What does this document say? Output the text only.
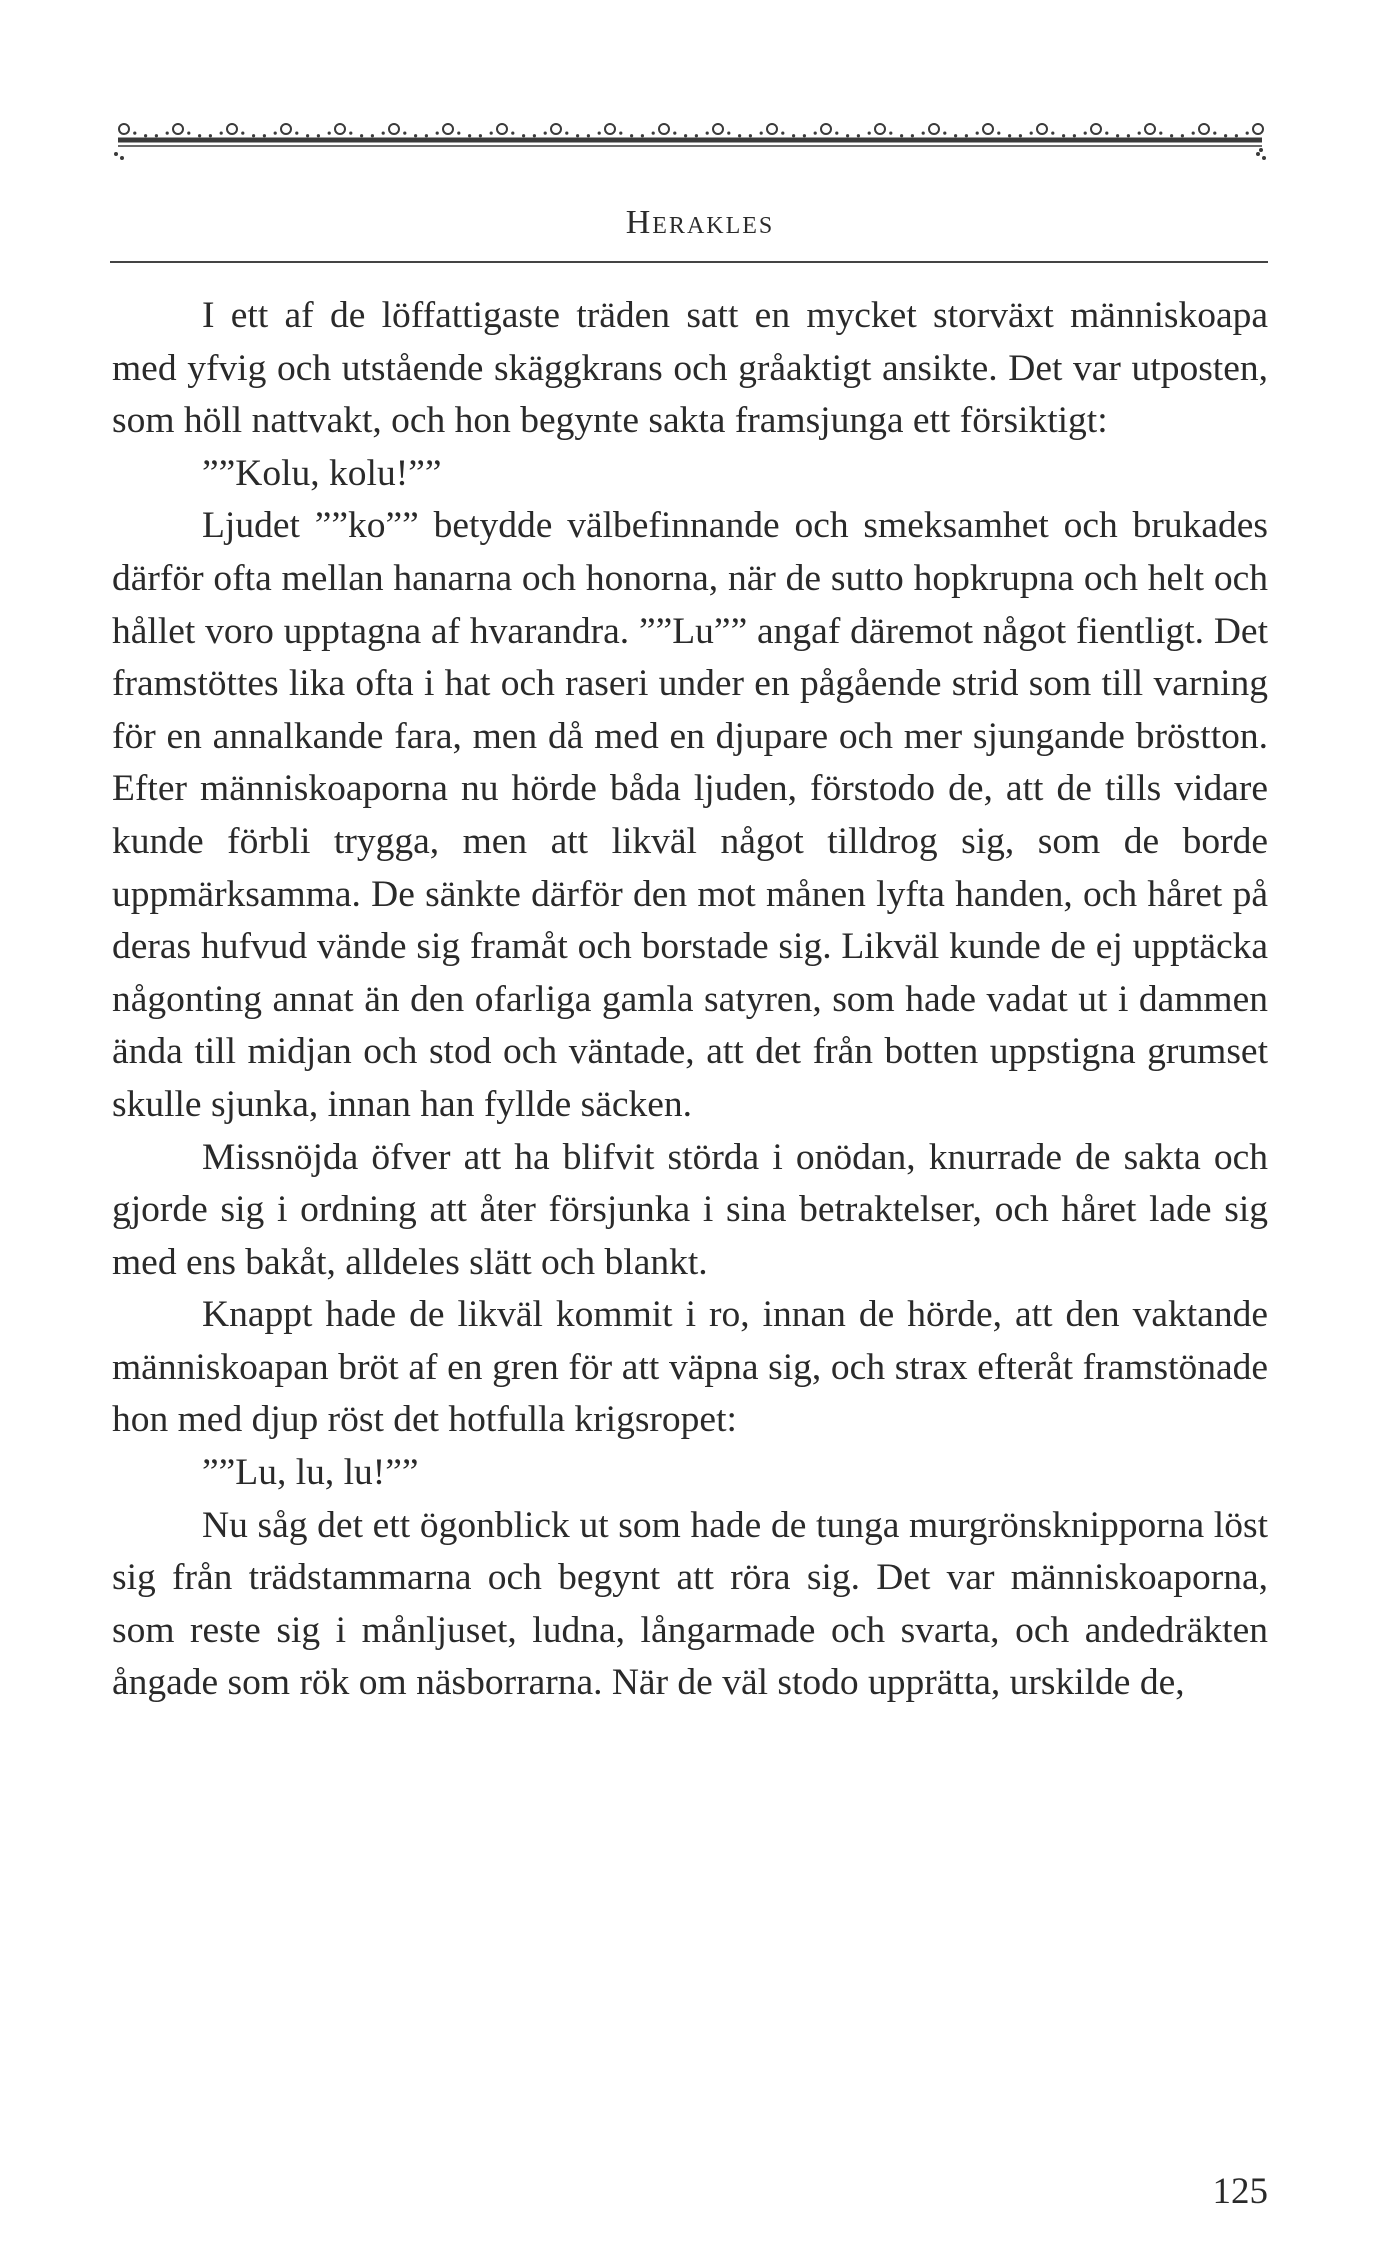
Herakles

I ett af de löffattigaste träden satt en mycket storväxt människoapa med yfvig och utstående skäggkrans och gråaktigt ansikte. Det var utposten, som höll nattvakt, och hon begynte sakta framsjunga ett försiktigt:

””Kolu, kolu!””

Ljudet ””ko”” betydde välbefinnande och smeksamhet och brukades därför ofta mellan hanarna och honorna, när de sutto hopkrupna och helt och hållet voro upptagna af hvarandra. ””Lu”” angaf däremot något fientligt. Det framstöttes lika ofta i hat och raseri under en pågående strid som till varning för en annalkande fara, men då med en djupare och mer sjungande bröstton. Efter människoaporna nu hörde båda ljuden, förstodo de, att de tills vidare kunde förbli trygga, men att likväl något tilldrog sig, som de borde uppmärksamma. De sänkte därför den mot månen lyfta handen, och håret på deras hufvud vände sig framåt och borstade sig. Likväl kunde de ej upptäcka någonting annat än den ofarliga gamla satyren, som hade vadat ut i dammen ända till midjan och stod och väntade, att det från botten uppstigna grumset skulle sjunka, innan han fyllde säcken.

Missnöjda öfver att ha blifvit störda i onödan, knurrade de sakta och gjorde sig i ordning att åter försjunka i sina betraktelser, och håret lade sig med ens bakåt, alldeles slätt och blankt.

Knappt hade de likväl kommit i ro, innan de hörde, att den vaktande människoapan bröt af en gren för att väpna sig, och strax efteråt framstönade hon med djup röst det hotfulla krigsropet:

””Lu, lu, lu!””

Nu såg det ett ögonblick ut som hade de tunga murgrönsknipporna löst sig från trädstammarna och begynt att röra sig. Det var människoaporna, som reste sig i månljuset, ludna, långarmade och svarta, och andedräkten ångade som rök om näsborrarna. När de väl stodo upprätta, urskilde de,

125
